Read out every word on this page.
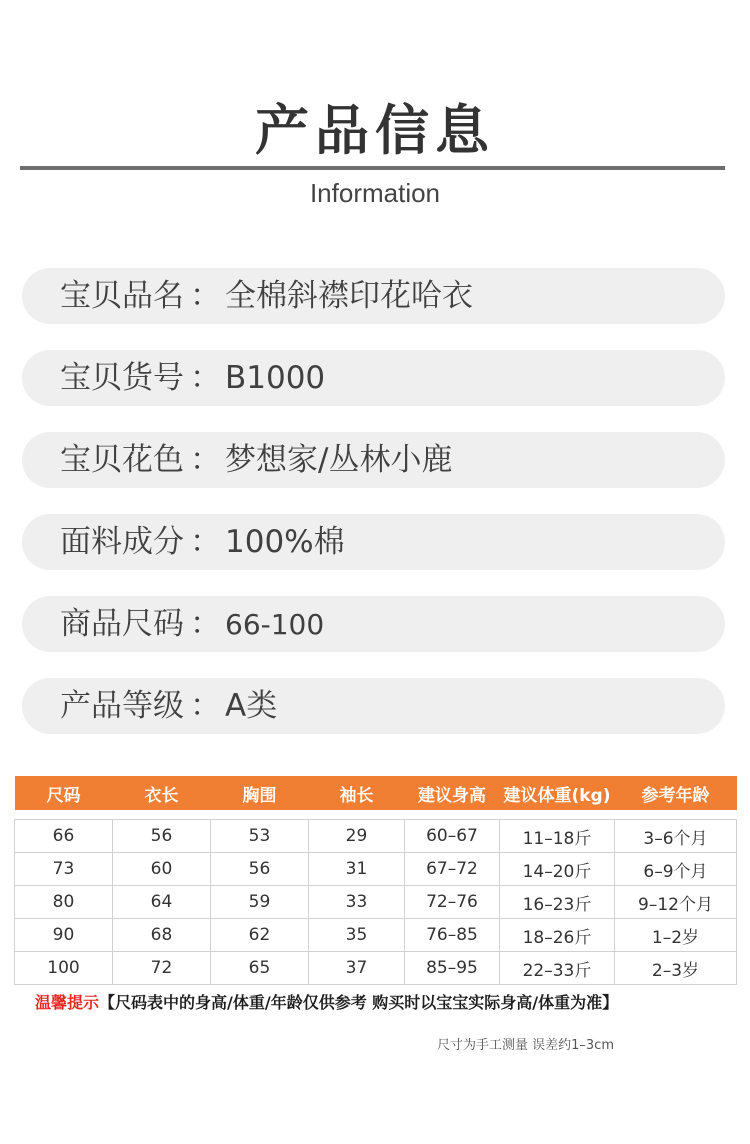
产品信息
Information
宝贝品名 ： 全棉斜襟印花哈衣
宝贝货号 ： B1000
宝贝花色 ： 梦想家/丛林小鹿
面料成分 ： 100%棉
商品尺码 ： 66-100
产品等级 ： A类
尺码	衣长	胸围	袖长	建议身高	建议体重(kg)	参考年龄

66	56	53	29	60–67	11–18斤	3–6个月
73	60	56	31	67–72	14–20斤	6–9个月
80	64	59	33	72–76	16–23斤	9–12个月
90	68	62	35	76–85	18–26斤	1–2岁
100	72	65	37	85–95	22–33斤	2–3岁
温馨提示【尺码表中的身高/体重/年龄仅供参考 购买时以宝宝实际身高/体重为准】
尺寸为手工测量 误差约1–3cm
